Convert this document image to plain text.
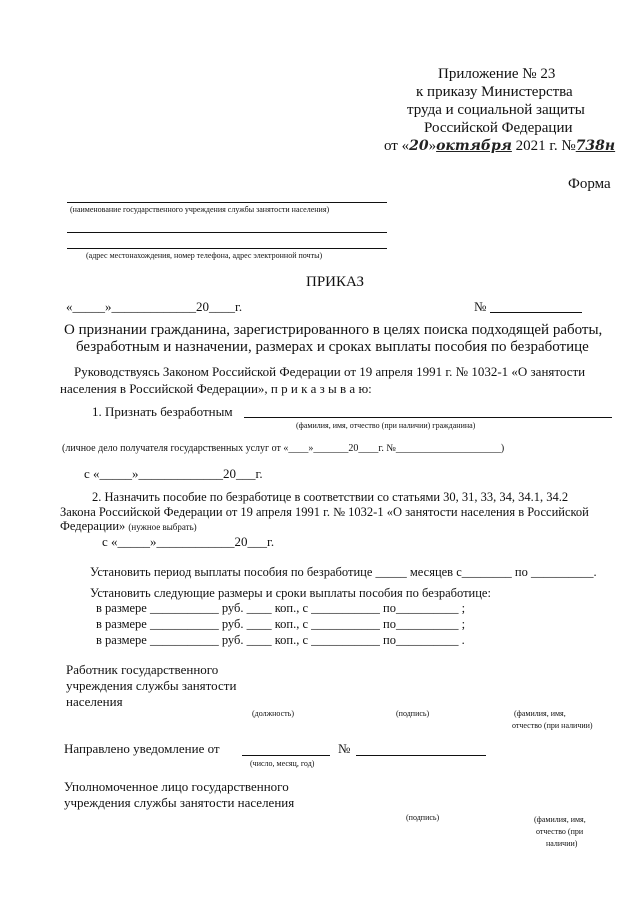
Приложение № 23
к приказу Министерства
труда и социальной защиты
Российской Федерации
от «20»октября 2021 г. №738н
Форма
(наименование государственного учреждения службы занятости населения)
(адрес местонахождения, номер телефона, адрес электронной почты)
ПРИКАЗ
«_____»_____________20____г.	№
О признании гражданина, зарегистрированного в целях поиска подходящей работы,
безработным и назначении, размерах и сроках выплаты пособия по безработице
Руководствуясь Законом Российской Федерации от 19 апреля 1991 г. № 1032-1 «О занятости
населения в Российской Федерации», п р и к а з ы в а ю:
1. Признать безработным
(фамилия, имя, отчество (при наличии) гражданина)
(личное дело получателя государственных услуг от «____»_______20____г. №_____________________)
с «_____»_____________20___г.
2. Назначить пособие по безработице в соответствии со статьями 30, 31, 33, 34, 34.1, 34.2
Закона Российской Федерации от 19 апреля 1991 г. № 1032-1 «О занятости населения в Российской
Федерации» (нужное выбрать)
с «_____»____________20___г.
Установить период выплаты пособия по безработице _____ месяцев с________ по __________.
Установить следующие размеры и сроки выплаты пособия по безработице:
в размере ___________ руб. ____ коп., с ___________ по__________ ;
в размере ___________ руб. ____ коп., с ___________ по__________ ;
в размере ___________ руб. ____ коп., с ___________ по__________ .
Работник государственного
учреждения службы занятости
населения
(должность)	(подпись)	(фамилия, имя,
отчество (при наличии)
Направлено уведомление от	№
(число, месяц, год)
Уполномоченное лицо государственного
учреждения службы занятости населения
(подпись)	(фамилия, имя,
отчество (при
наличии)
